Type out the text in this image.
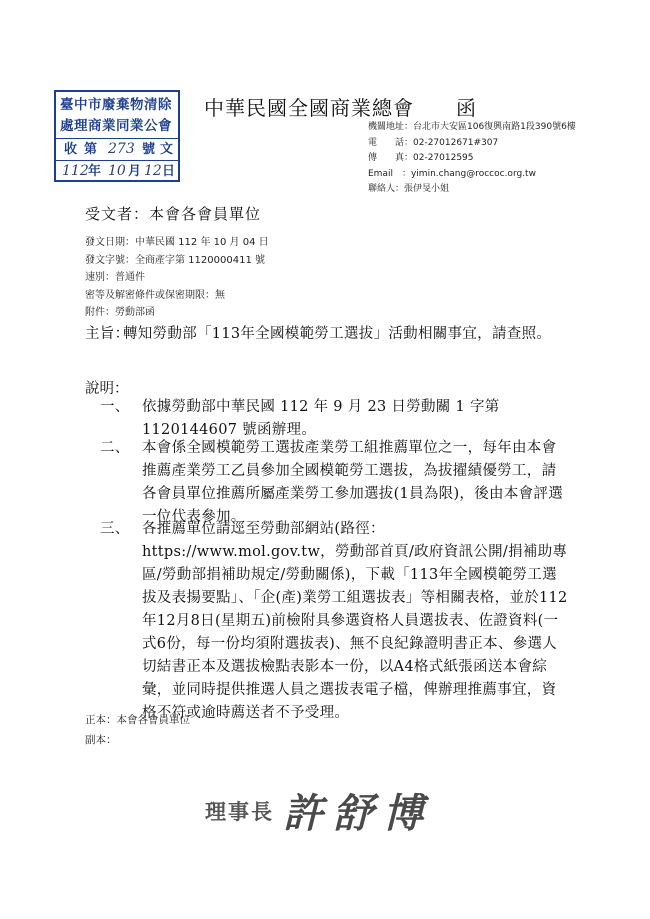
臺中市廢棄物清除處理商業同業公會
收 第 273 號 文
112 年 10 月 12 日
中華民國全國商業總會　　函
機關地址：台北市大安區106復興南路1段390號6樓
電　　話：02-27012671#307
傳　　真：02-27012595
Email　：yimin.chang@roccoc.org.tw
聯絡人：張伊旻小姐
受文者：本會各會員單位
發文日期：中華民國 112 年 10 月 04 日
發文字號：全商產字第 1120000411 號
速別：普通件
密等及解密條件或保密期限：無
附件：勞動部函
主旨：
轉知勞動部「113年全國模範勞工選拔」活動相關事宜，請查照。
說明：
一、 依據勞動部中華民國 112 年 9 月 23 日勞動關 1 字第 1120144607 號函辦理。
二、 本會係全國模範勞工選拔產業勞工組推薦單位之一，每年由本會推薦產業勞工乙員參加全國模範勞工選拔，為拔擢績優勞工，請各會員單位推薦所屬產業勞工參加選拔(1員為限)，後由本會評選一位代表參加。
三、 各推薦單位請逕至勞動部網站(路徑：https://www.mol.gov.tw，勞動部首頁/政府資訊公開/捐補助專區/勞動部捐補助規定/勞動關係)，下載「113年全國模範勞工選拔及表揚要點」、「企(產)業勞工組選拔表」等相關表格，並於112年12月8日(星期五)前檢附具參選資格人員選拔表、佐證資料(一式6份，每一份均須附選拔表)、無不良紀錄證明書正本、參選人切結書正本及選拔檢點表影本一份，以A4格式紙張函送本會綜彙，並同時提供推選人員之選拔表電子檔，俾辦理推薦事宜，資格不符或逾時薦送者不予受理。
正本：本會各會員單位
副本：
理事長 許舒博
